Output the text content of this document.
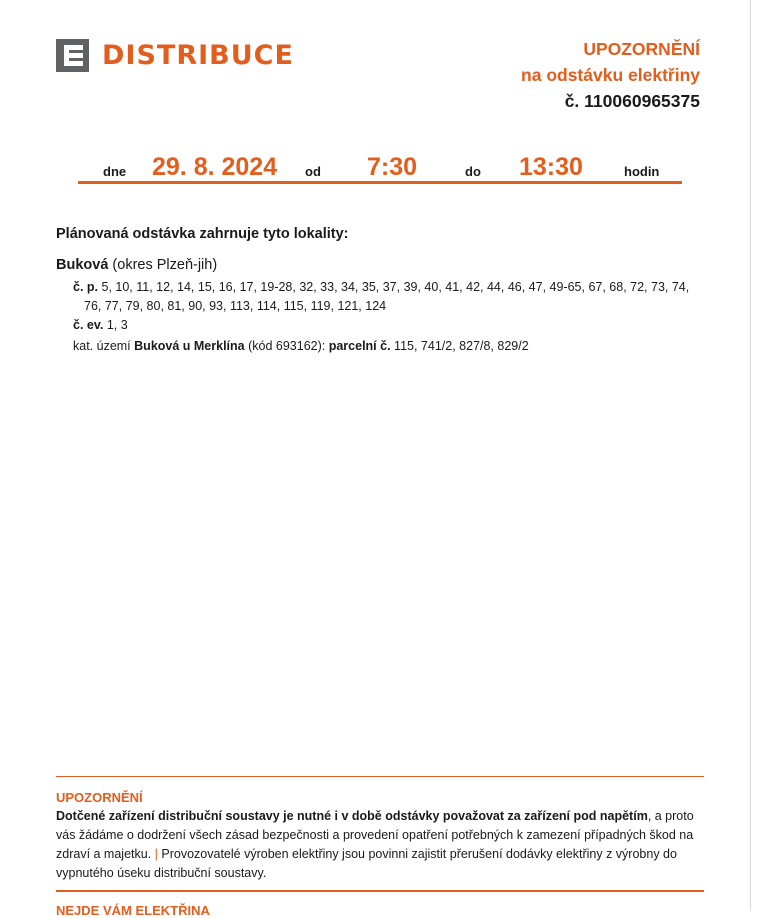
DISTRIBUCE	UPOZORNĚNÍ
na odstávku elektřiny
č. 110060965375
dne 29. 8. 2024 od 7:30	do 13:30	hodin
Plánovaná odstávka zahrnuje tyto lokality:
Buková (okres Plzeň-jih)
č. p. 5, 10, 11, 12, 14, 15, 16, 17, 19-28, 32, 33, 34, 35, 37, 39, 40, 41, 42, 44, 46, 47, 49-65, 67, 68, 72, 73, 74,
76, 77, 79, 80, 81, 90, 93, 113, 114, 115, 119, 121, 124
č. ev. 1, 3
kat. území Buková u Merklína (kód 693162): parcelní č. 115, 741/2, 827/8, 829/2
UPOZORNĚNÍ
Dotčené zařízení distribuční soustavy je nutné i v době odstávky považovat za zařízení pod napětím, a proto vás žádáme o dodržení všech zásad bezpečnosti a provedení opatření potřebných k zamezení případných škod na zdraví a majetku. | Provozovatelé výroben elektřiny jsou povinni zajistit přerušení dodávky elektřiny z výrobny do vypnutého úseku distribuční soustavy.
NEJDE VÁM ELEKTŘINA
